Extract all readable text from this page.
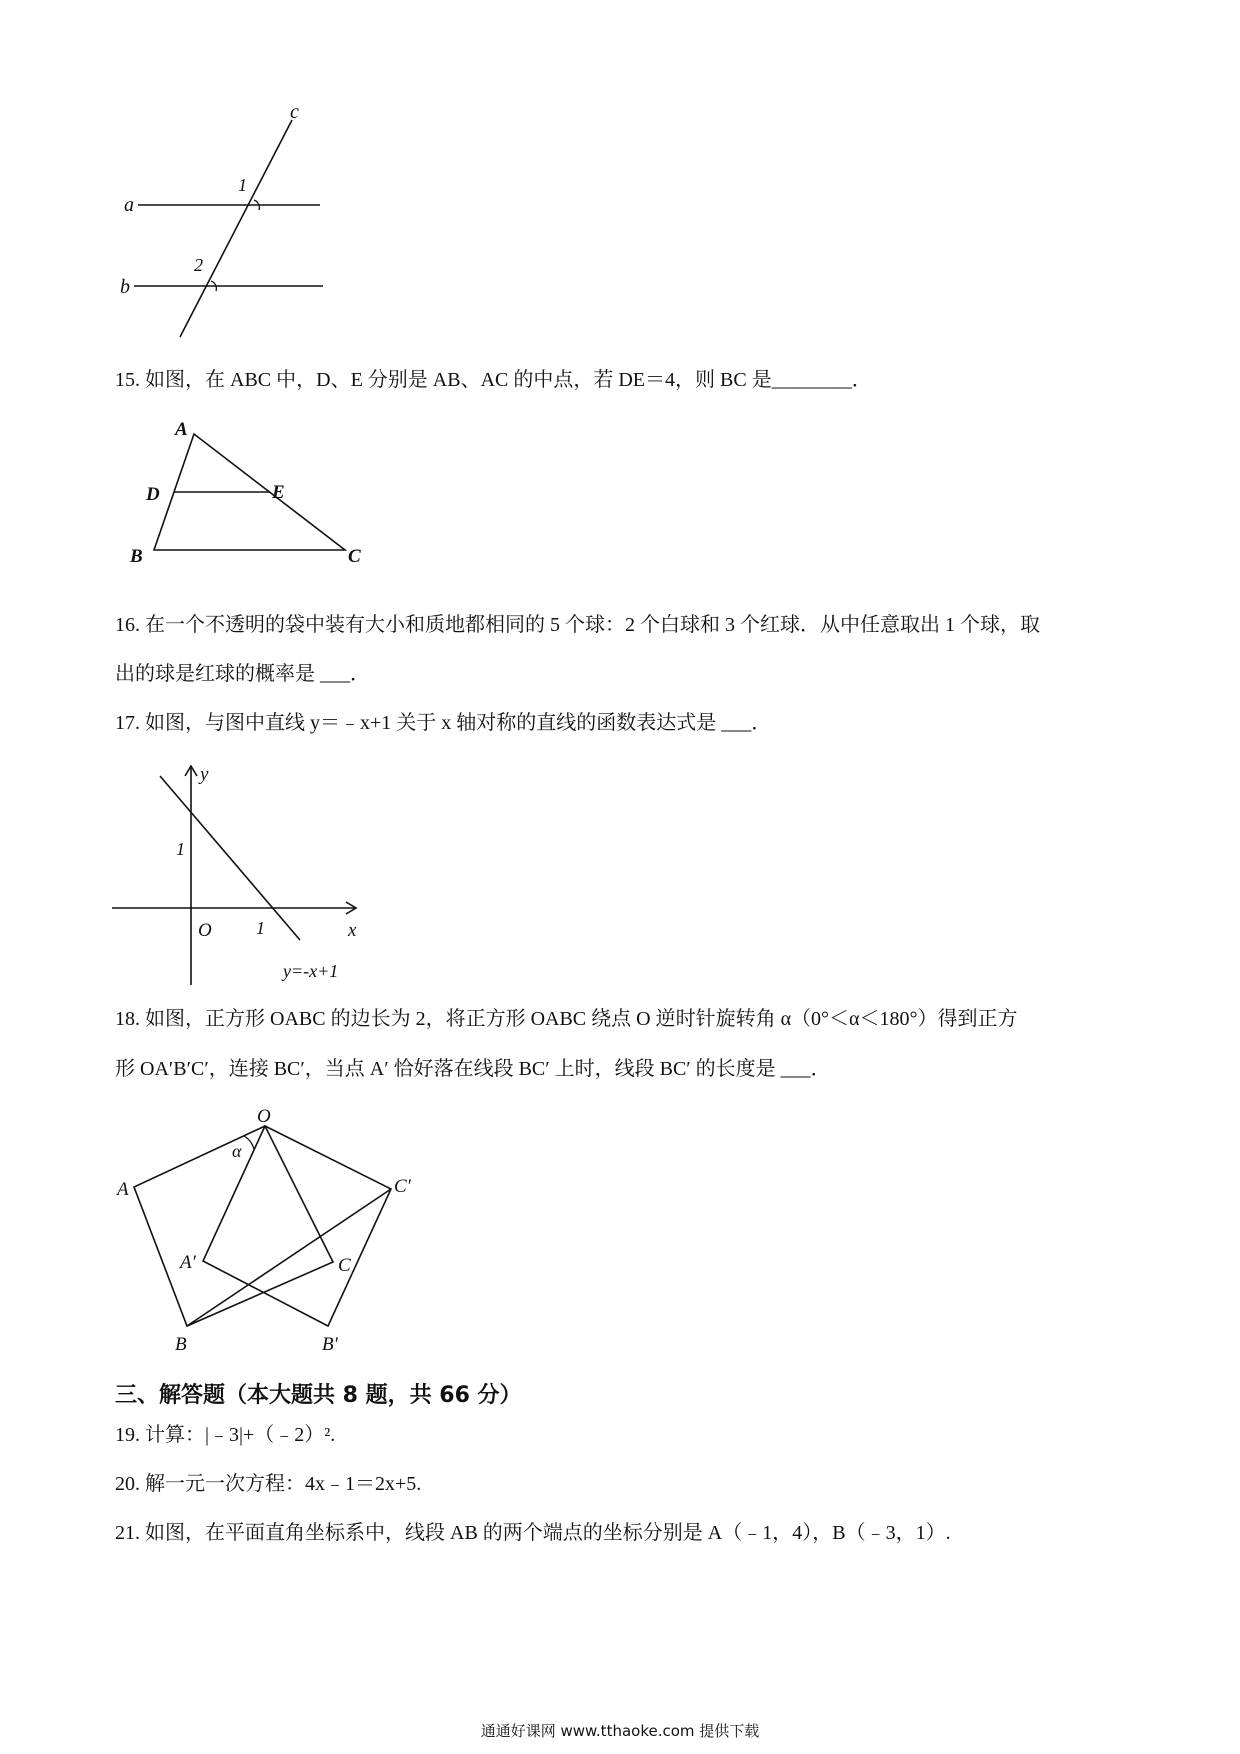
c
a
b
1
2
15. 如图，在 ABC 中，D、E 分别是 AB、AC 的中点，若 DE＝4，则 BC 是________．
A
D	E
B	C
16. 在一个不透明的袋中装有大小和质地都相同的 5 个球：2 个白球和 3 个红球．从中任意取出 1 个球，取
出的球是红球的概率是 ___．
17. 如图，与图中直线 y＝﹣x+1 关于 x 轴对称的直线的函数表达式是 ___．
y
x
O
1
1
y=-x+1
18. 如图，正方形 OABC 的边长为 2，将正方形 OABC 绕点 O 逆时针旋转角 α（0°＜α＜180°）得到正方
形 OA′B′C′，连接 BC′，当点 A′ 恰好落在线段 BC′ 上时，线段 BC′ 的长度是 ___．
O
A
B
C
A′
B′
C′
α
三、解答题（本大题共 8 题，共 66 分）
19. 计算：|﹣3|+（﹣2）².
20. 解一元一次方程：4x﹣1＝2x+5.
21. 如图，在平面直角坐标系中，线段 AB 的两个端点的坐标分别是 A（﹣1，4），B（﹣3，1）.
通通好课网 www.tthaoke.com 提供下载
